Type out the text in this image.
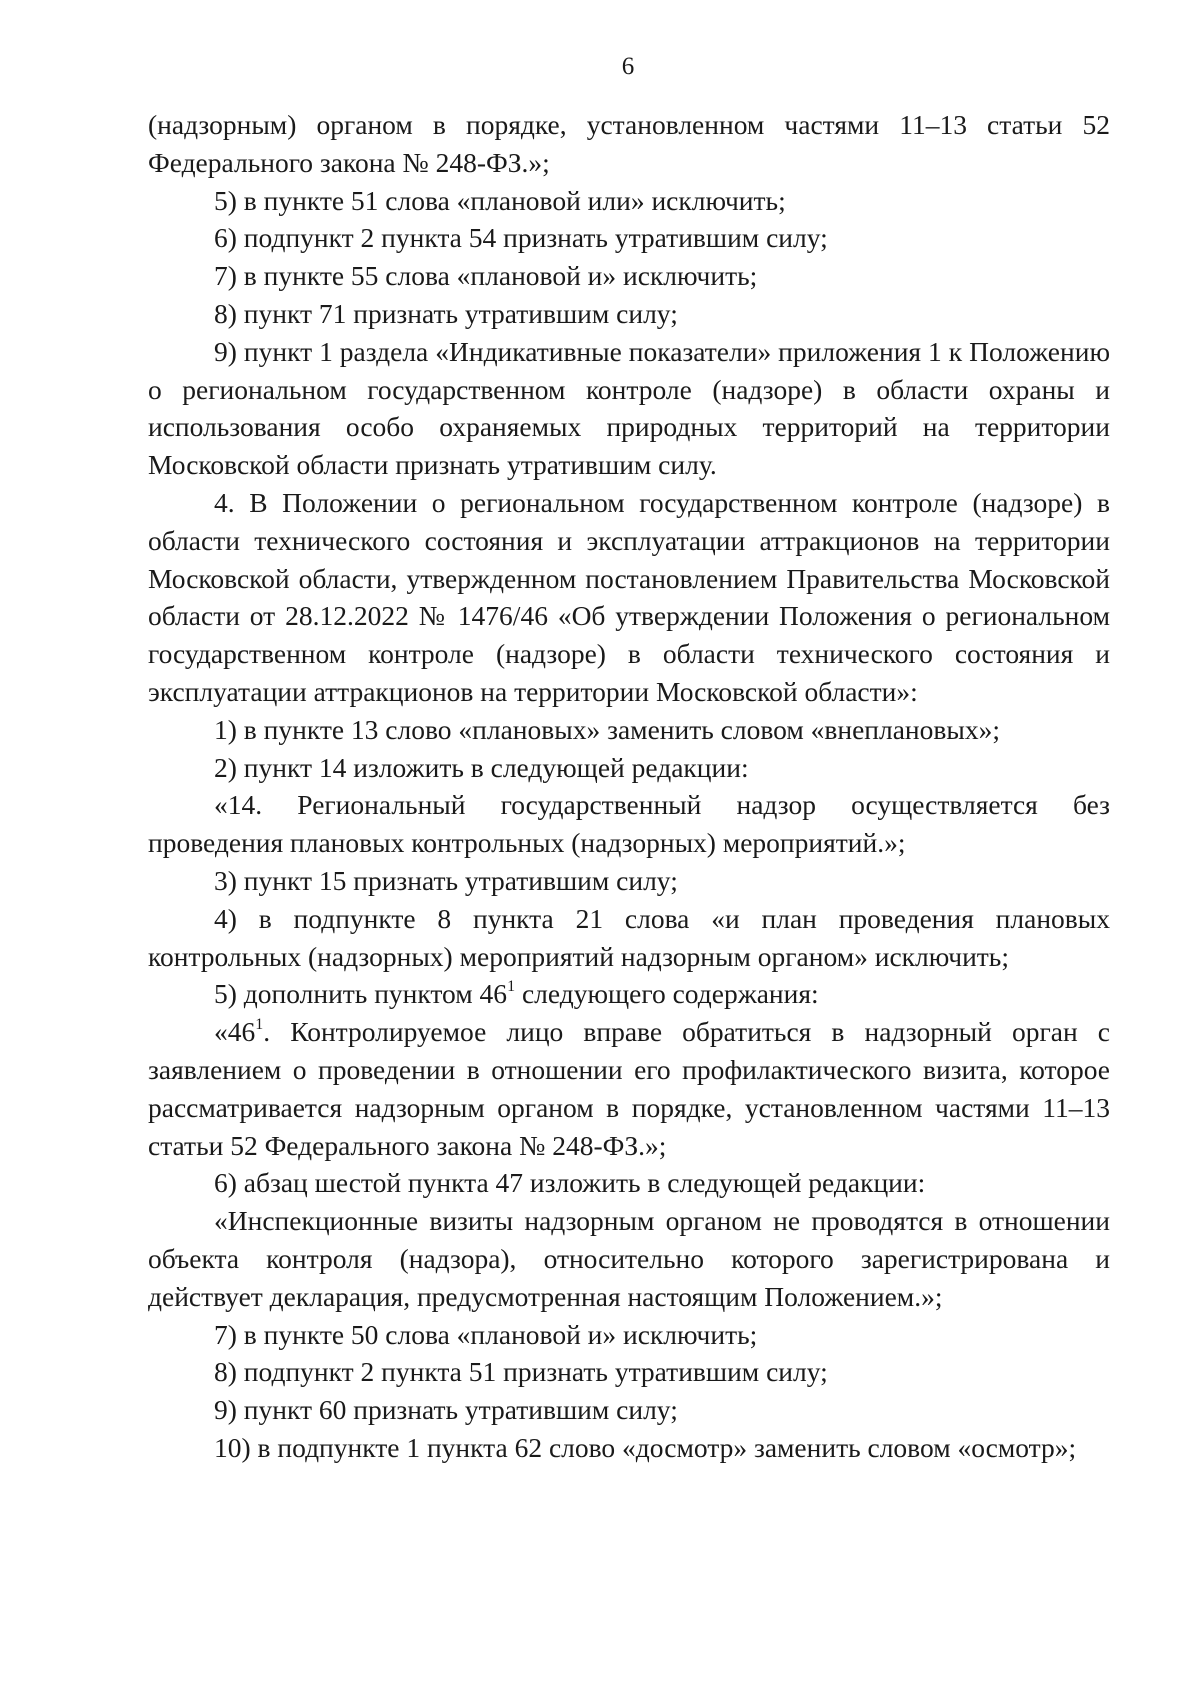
6

(надзорным) органом в порядке, установленном частями 11–13 статьи 52 Федерального закона № 248-ФЗ.»;

5) в пункте 51 слова «плановой или» исключить;

6) подпункт 2 пункта 54 признать утратившим силу;

7) в пункте 55 слова «плановой и» исключить;

8) пункт 71 признать утратившим силу;

9) пункт 1 раздела «Индикативные показатели» приложения 1 к Положению о региональном государственном контроле (надзоре) в области охраны и использования особо охраняемых природных территорий на территории Московской области признать утратившим силу.

4. В Положении о региональном государственном контроле (надзоре) в области технического состояния и эксплуатации аттракционов на территории Московской области, утвержденном постановлением Правительства Московской области от 28.12.2022 № 1476/46 «Об утверждении Положения о региональном государственном контроле (надзоре) в области технического состояния и эксплуатации аттракционов на территории Московской области»:

1) в пункте 13 слово «плановых» заменить словом «внеплановых»;

2) пункт 14 изложить в следующей редакции:

«14. Региональный государственный надзор осуществляется без проведения плановых контрольных (надзорных) мероприятий.»;

3) пункт 15 признать утратившим силу;

4) в подпункте 8 пункта 21 слова «и план проведения плановых контрольных (надзорных) мероприятий надзорным органом» исключить;

5) дополнить пунктом $46^1$ следующего содержания:

«$46^1$. Контролируемое лицо вправе обратиться в надзорный орган с заявлением о проведении в отношении его профилактического визита, которое рассматривается надзорным органом в порядке, установленном частями 11–13 статьи 52 Федерального закона № 248-ФЗ.»;

6) абзац шестой пункта 47 изложить в следующей редакции:

«Инспекционные визиты надзорным органом не проводятся в отношении объекта контроля (надзора), относительно которого зарегистрирована и действует декларация, предусмотренная настоящим Положением.»;

7) в пункте 50 слова «плановой и» исключить;

8) подпункт 2 пункта 51 признать утратившим силу;

9) пункт 60 признать утратившим силу;

10) в подпункте 1 пункта 62 слово «досмотр» заменить словом «осмотр»;
